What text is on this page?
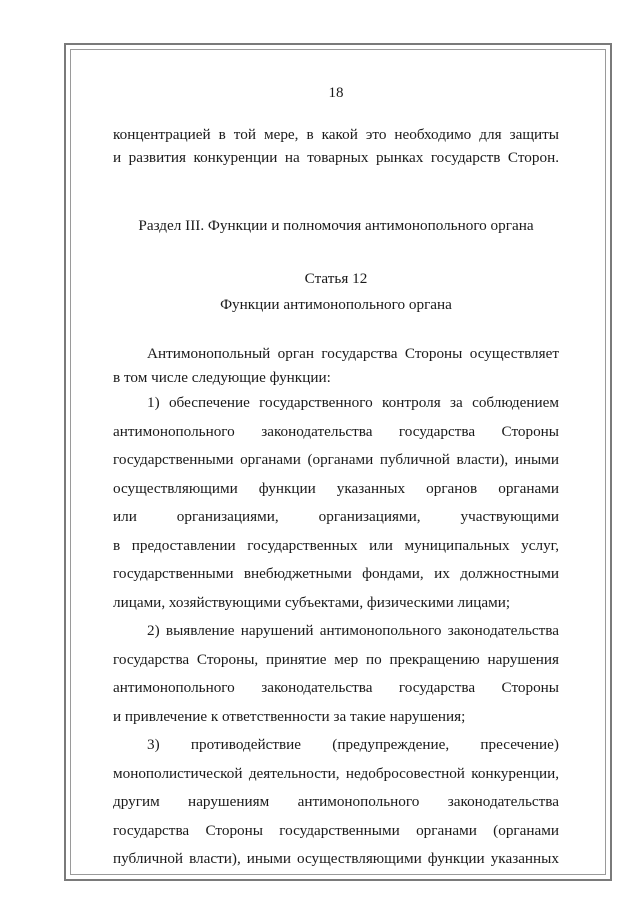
18
концентрацией в той мере, в какой это необходимо для защиты
и развития конкуренции на товарных рынках государств Сторон.
Раздел III. Функции и полномочия антимонопольного органа
Статья 12
Функции антимонопольного органа
Антимонопольный орган государства Стороны осуществляет
в том числе следующие функции:
1) обеспечение государственного контроля за соблюдением
антимонопольного законодательства государства Стороны
государственными органами (органами публичной власти), иными
осуществляющими функции указанных органов органами
или организациями, организациями, участвующими
в предоставлении государственных или муниципальных услуг,
государственными внебюджетными фондами, их должностными
лицами, хозяйствующими субъектами, физическими лицами;
2) выявление нарушений антимонопольного законодательства
государства Стороны, принятие мер по прекращению нарушения
антимонопольного законодательства государства Стороны
и привлечение к ответственности за такие нарушения;
3) противодействие (предупреждение, пресечение)
монополистической деятельности, недобросовестной конкуренции,
другим нарушениям антимонопольного законодательства
государства Стороны государственными органами (органами
публичной власти), иными осуществляющими функции указанных
